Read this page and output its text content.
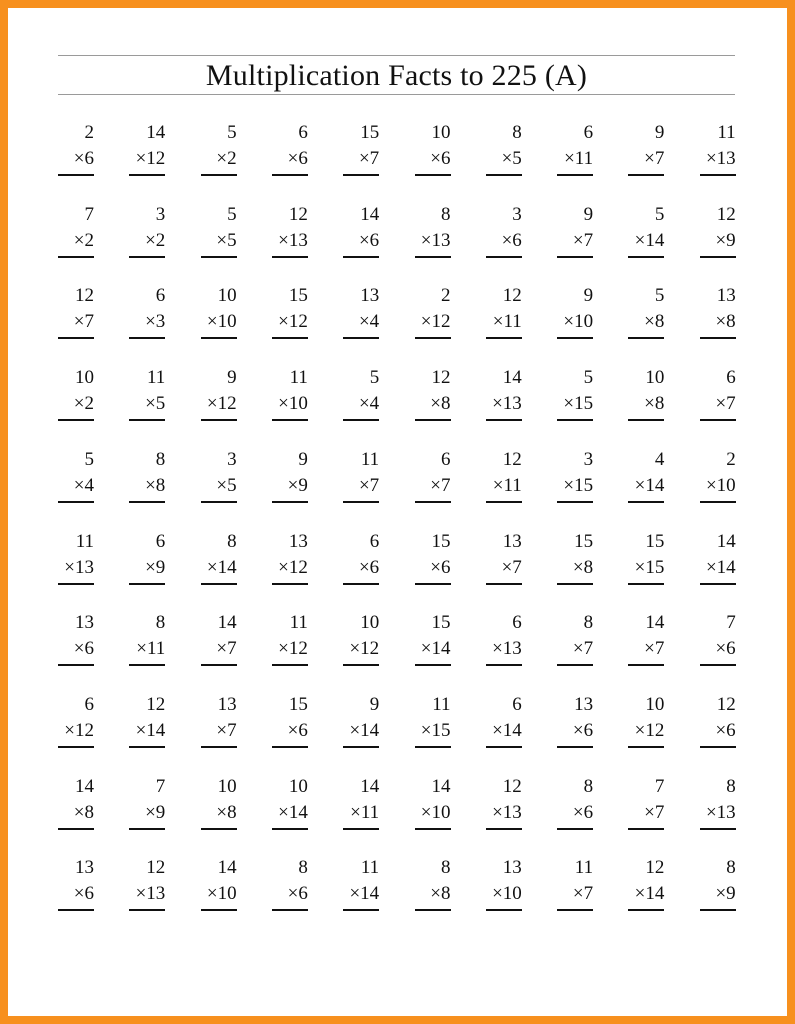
Multiplication Facts to 225 (A)
2
×6
14
×12
5
×2
6
×6
15
×7
10
×6
8
×5
6
×11
9
×7
11
×13
7
×2
3
×2
5
×5
12
×13
14
×6
8
×13
3
×6
9
×7
5
×14
12
×9
12
×7
6
×3
10
×10
15
×12
13
×4
2
×12
12
×11
9
×10
5
×8
13
×8
10
×2
11
×5
9
×12
11
×10
5
×4
12
×8
14
×13
5
×15
10
×8
6
×7
5
×4
8
×8
3
×5
9
×9
11
×7
6
×7
12
×11
3
×15
4
×14
2
×10
11
×13
6
×9
8
×14
13
×12
6
×6
15
×6
13
×7
15
×8
15
×15
14
×14
13
×6
8
×11
14
×7
11
×12
10
×12
15
×14
6
×13
8
×7
14
×7
7
×6
6
×12
12
×14
13
×7
15
×6
9
×14
11
×15
6
×14
13
×6
10
×12
12
×6
14
×8
7
×9
10
×8
10
×14
14
×11
14
×10
12
×13
8
×6
7
×7
8
×13
13
×6
12
×13
14
×10
8
×6
11
×14
8
×8
13
×10
11
×7
12
×14
8
×9
